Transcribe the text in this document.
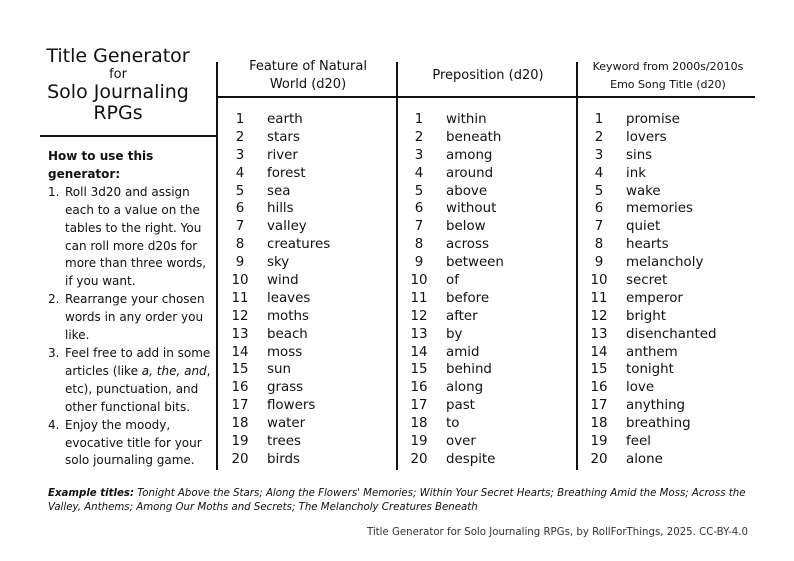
Title Generator
for
Solo Journaling
RPGs
How to use this generator:
1. Roll 3d20 and assign each to a value on the tables to the right. You can roll more d20s for more than three words, if you want.
2. Rearrange your chosen words in any order you like.
3. Feel free to add in some articles (like a, the, and, etc), punctuation, and other functional bits.
4. Enjoy the moody, evocative title for your solo journaling game.
Feature of Natural
World (d20)
Preposition (d20)
Keyword from 2000s/2010s
Emo Song Title (d20)
1	earth
2	stars
3	river
4	forest
5	sea
6	hills
7	valley
8	creatures
9	sky
10	wind
11	leaves
12	moths
13	beach
14	moss
15	sun
16	grass
17	flowers
18	water
19	trees
20	birds
1	within
2	beneath
3	among
4	around
5	above
6	without
7	below
8	across
9	between
10	of
11	before
12	after
13	by
14	amid
15	behind
16	along
17	past
18	to
19	over
20	despite
1	promise
2	lovers
3	sins
4	ink
5	wake
6	memories
7	quiet
8	hearts
9	melancholy
10	secret
11	emperor
12	bright
13	disenchanted
14	anthem
15	tonight
16	love
17	anything
18	breathing
19	feel
20	alone
Example titles: Tonight Above the Stars; Along the Flowers' Memories; Within Your Secret Hearts; Breathing Amid the Moss; Across the Valley, Anthems; Among Our Moths and Secrets; The Melancholy Creatures Beneath
Title Generator for Solo Journaling RPGs, by RollForThings, 2025. CC-BY-4.0
